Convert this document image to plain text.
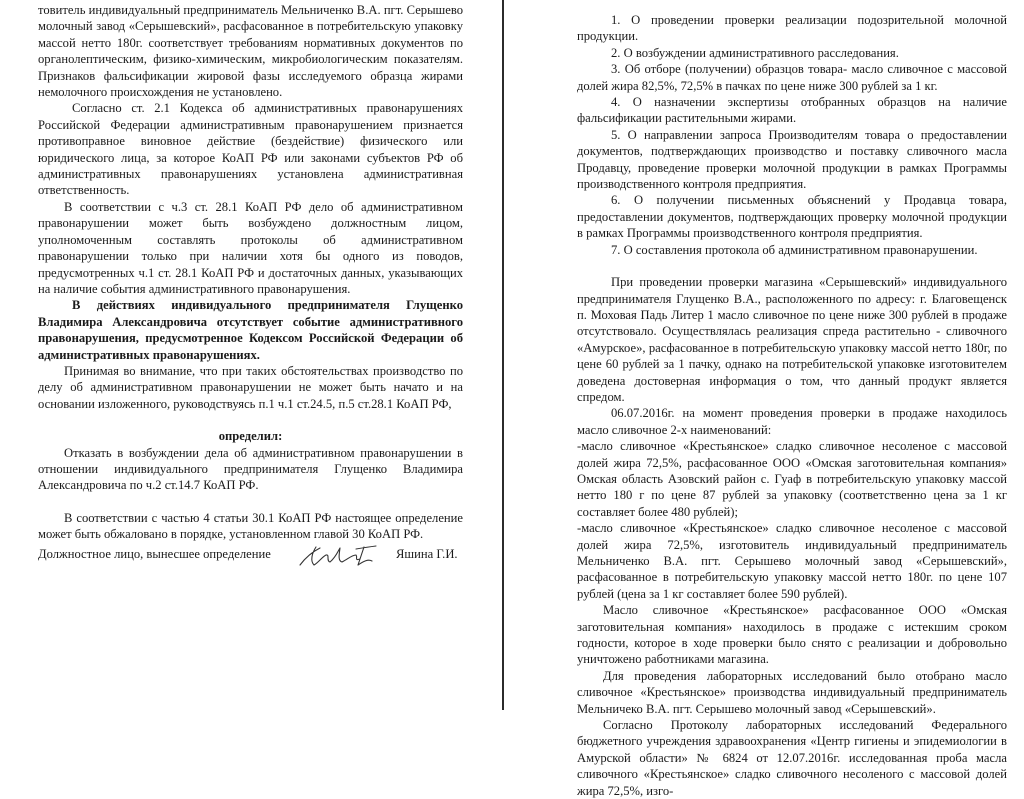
товитель индивидуальный предприниматель Мельниченко В.А. пгт. Серышево молочный завод «Серышевский», расфасованное в потребительскую упаковку массой нетто 180г. соответствует требованиям нормативных документов по органолептическим, физико-химическим, микробиологическим показателям. Признаков фальсификации жировой фазы исследуемого образца жирами немолочного происхождения не установлено.

Согласно ст. 2.1 Кодекса об административных правонарушениях Российской Федерации административным правонарушением признается противоправное виновное действие (бездействие) физического или юридического лица, за которое КоАП РФ или законами субъектов РФ об административных правонарушениях установлена административная ответственность.

В соответствии с ч.3 ст. 28.1 КоАП РФ дело об административном правонарушении может быть возбуждено должностным лицом, уполномоченным составлять протоколы об административном правонарушении только при наличии хотя бы одного из поводов, предусмотренных ч.1 ст. 28.1 КоАП РФ и достаточных данных, указывающих на наличие события административного правонарушения.

В действиях индивидуального предпринимателя Глущенко Владимира Александровича отсутствует событие административного правонарушения, предусмотренное Кодексом Российской Федерации об административных правонарушениях.

Принимая во внимание, что при таких обстоятельствах производство по делу об административном правонарушении не может быть начато и на основании изложенного, руководствуясь п.1 ч.1 ст.24.5, п.5 ст.28.1 КоАП РФ,

определил:

Отказать в возбуждении дела об административном правонарушении в отношении индивидуального предпринимателя Глущенко Владимира Александровича по ч.2 ст.14.7 КоАП РФ.

В соответствии с частью 4 статьи 30.1 КоАП РФ настоящее определение может быть обжаловано в порядке, установленном главой 30 КоАП РФ.

Должностное лицо, вынесшее определение	Яшина Г.И.

1. О проведении проверки реализации подозрительной молочной продукции.

2. О возбуждении административного расследования.

3. Об отборе (получении) образцов товара- масло сливочное с массовой долей жира 82,5%, 72,5% в пачках по цене ниже 300 рублей за 1 кг.

4. О назначении экспертизы отобранных образцов на наличие фальсификации растительными жирами.

5. О направлении запроса Производителям товара о предоставлении документов, подтверждающих производство и поставку сливочного масла Продавцу, проведение проверки молочной продукции в рамках Программы производственного контроля предприятия.

6. О получении письменных объяснений у Продавца товара, предоставлении документов, подтверждающих проверку молочной продукции в рамках Программы производственного контроля предприятия.

7. О составления протокола об административном правонарушении.

При проведении проверки магазина «Серышевский» индивидуального предпринимателя Глущенко В.А., расположенного по адресу: г. Благовещенск п. Моховая Падь Литер 1 масло сливочное по цене ниже 300 рублей в продаже отсутствовало. Осуществлялась реализация спреда растительно - сливочного «Амурское», расфасованное в потребительскую упаковку массой нетто 180г, по цене 60 рублей за 1 пачку, однако на потребительской упаковке изготовителем доведена достоверная информация о том, что данный продукт является спредом.

06.07.2016г. на момент проведения проверки в продаже находилось масло сливочное 2-х наименований:

-масло сливочное «Крестьянское» сладко сливочное несоленое с массовой долей жира 72,5%, расфасованное ООО «Омская заготовительная компания» Омская область Азовский район с. Гуаф в потребительскую упаковку массой нетто 180 г по цене 87 рублей за упаковку (соответственно цена за 1 кг составляет более 480 рублей);

-масло сливочное «Крестьянское» сладко сливочное несоленое с массовой долей жира 72,5%, изготовитель индивидуальный предприниматель Мельниченко В.А. пгт. Серышево молочный завод «Серышевский», расфасованное в потребительскую упаковку массой нетто 180г. по цене 107 рублей (цена за 1 кг составляет более 590 рублей).

Масло сливочное «Крестьянское» расфасованное ООО «Омская заготовительная компания» находилось в продаже с истекшим сроком годности, которое в ходе проверки было снято с реализации и добровольно уничтожено работниками магазина.

Для проведения лабораторных исследований было отобрано масло сливочное «Крестьянское» производства индивидуальный предприниматель Мельничеко В.А. пгт. Серышево молочный завод «Серышевский».

Согласно Протоколу лабораторных исследований Федерального бюджетного учреждения здравоохранения «Центр гигиены и эпидемиологии в Амурской области» № 6824 от 12.07.2016г. исследованная проба масла сливочного «Крестьянское» сладко сливочного несоленого с массовой долей жира 72,5%, изго-
